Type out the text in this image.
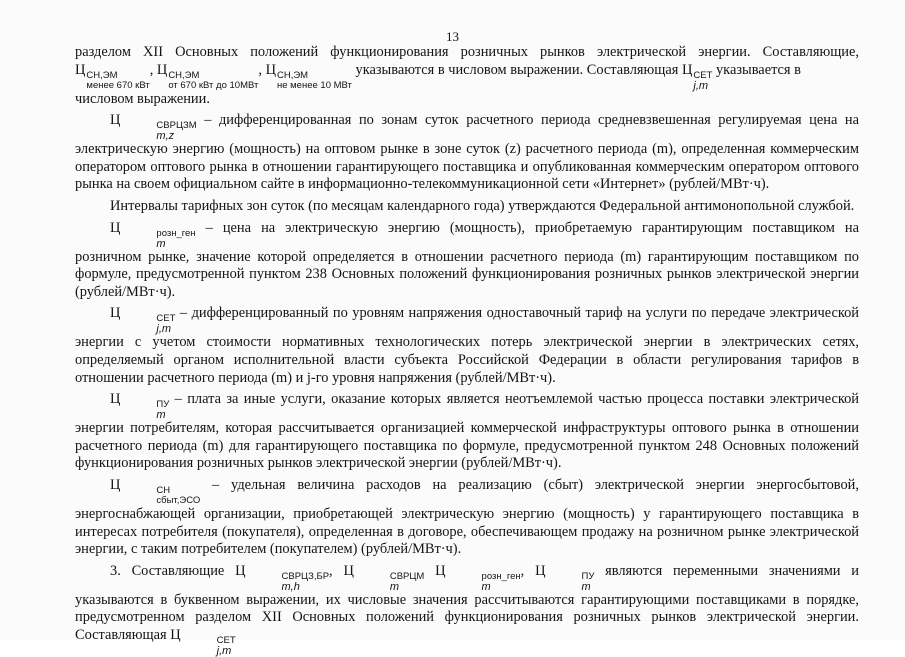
13
разделом XII Основных положений функционирования розничных рынков электрической энергии. Составляющие, Ц СН,ЭМ
менее 670 кВт
, Ц СН,ЭМ
от 670 кВт до 10МВт
, Ц СН,ЭМ
не менее 10 МВт
указываются в числовом выражении. Составляющая Ц СЕТ
j,m
указывается в
числовом выражении.
Ц	СВРЦЗМ
m,z
– дифференцированная по зонам суток расчетного периода средневзвешенная регулируемая цена на электрическую энергию (мощность) на оптовом рынке в зоне суток (z) расчетного периода (m), определенная коммерческим оператором оптового рынка в отношении гарантирующего поставщика и опубликованная коммерческим оператором оптового рынка на своем официальном сайте в информационно-телекоммуникационной сети «Интернет» (рублей/МВт·ч).
Интервалы тарифных зон суток (по месяцам календарного года) утверждаются Федеральной антимонопольной службой.
Ц	розн_ген
m
– цена на электрическую энергию (мощность), приобретаемую гарантирующим поставщиком на розничном рынке, значение которой определяется в отношении расчетного периода (m) гарантирующим поставщиком по формуле, предусмотренной пунктом 238 Основных положений функционирования розничных рынков электрической энергии (рублей/МВт·ч).
Ц	СЕТ
j,m
– дифференцированный по уровням напряжения одноставочный тариф на услуги по передаче электрической энергии с учетом стоимости нормативных технологических потерь электрической энергии в электрических сетях, определяемый органом исполнительной власти субъекта Российской Федерации в области регулирования тарифов в отношении расчетного периода (m) и j-го уровня напряжения (рублей/МВт·ч).
Ц	ПУ
m
– плата за иные услуги, оказание которых является неотъемлемой частью процесса поставки электрической энергии потребителям, которая рассчитывается организацией коммерческой инфраструктуры оптового рынка в отношении расчетного периода (m) для гарантирующего поставщика по формуле, предусмотренной пунктом 248 Основных положений функционирования розничных рынков электрической энергии (рублей/МВт·ч).
Ц	СН
сбыт,ЭСО
– удельная величина расходов на реализацию (сбыт) электрической энергии энергосбытовой, энергоснабжающей организации, приобретающей электрическую энергию (мощность) у гарантирующего поставщика в интересах потребителя (покупателя), определенная в договоре, обеспечивающем продажу на розничном рынке электрической энергии, с таким потребителем (покупателем) (рублей/МВт·ч).
3. Составляющие Ц	СВРЦЗ,БР
m,h
, Ц	СВРЦМ
m
Ц	розн_ген
m
, Ц	ПУ
m
являются переменными значениями и указываются в буквенном выражении, их числовые значения рассчитываются гарантирующими поставщиками в порядке, предусмотренном разделом XII Основных положений функционирования розничных рынков электрической энергии. Составляющая Ц	СЕТ
j,m
